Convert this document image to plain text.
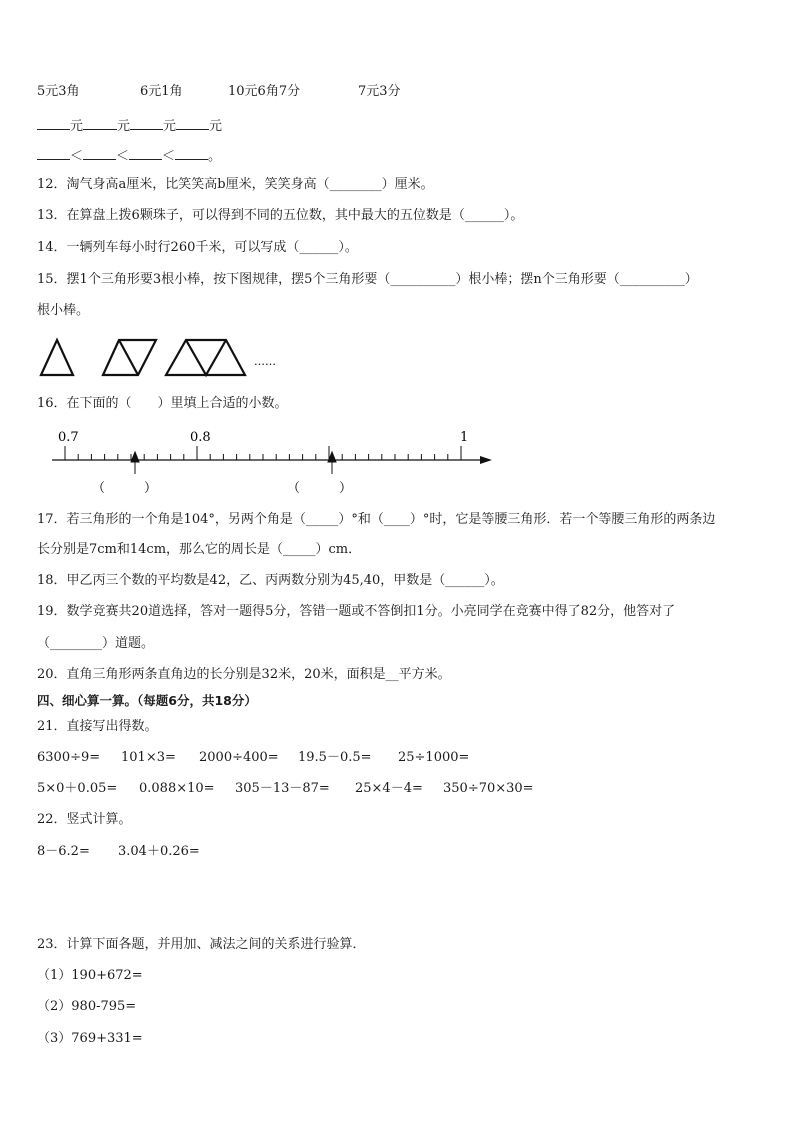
5元3角	6元1角	10元6角7分	7元3分
元	元	元	元
＜	＜	＜	。
12．淘气身高a厘米，比笑笑高b厘米，笑笑身高（________）厘米。
13．在算盘上拨6颗珠子，可以得到不同的五位数，其中最大的五位数是（______）。
14．一辆列车每小时行260千米，可以写成（______）。
15．摆1个三角形要3根小棒，按下图规律，摆5个三角形要（__________）根小棒；摆n个三角形要（__________）
根小棒。
……
16．在下面的（　　）里填上合适的小数。
0.7	0.8	1
（　　　）	（　　　）
17．若三角形的一个角是104°，另两个角是（_____）°和（____）°时，它是等腰三角形．若一个等腰三角形的两条边
长分别是7cm和14cm，那么它的周长是（_____）cm．
18．甲乙丙三个数的平均数是42，乙、丙两数分别为45,40，甲数是（______）。
19．数学竞赛共20道选择，答对一题得5分，答错一题或不答倒扣1分。小亮同学在竞赛中得了82分，他答对了
（________）道题。
20．直角三角形两条直角边的长分别是32米，20米，面积是__平方米。
四、细心算一算。（每题6分，共18分）
21．直接写出得数。
6300÷9= 101×3= 2000÷400= 19.5－0.5= 25÷1000=
5×0＋0.05= 0.088×10= 305－13－87= 25×4－4= 350÷70×30=
22．竖式计算。
8－6.2= 3.04＋0.26=
23．计算下面各题，并用加、减法之间的关系进行验算．
（1）190+672=
（2）980-795=
（3）769+331=
